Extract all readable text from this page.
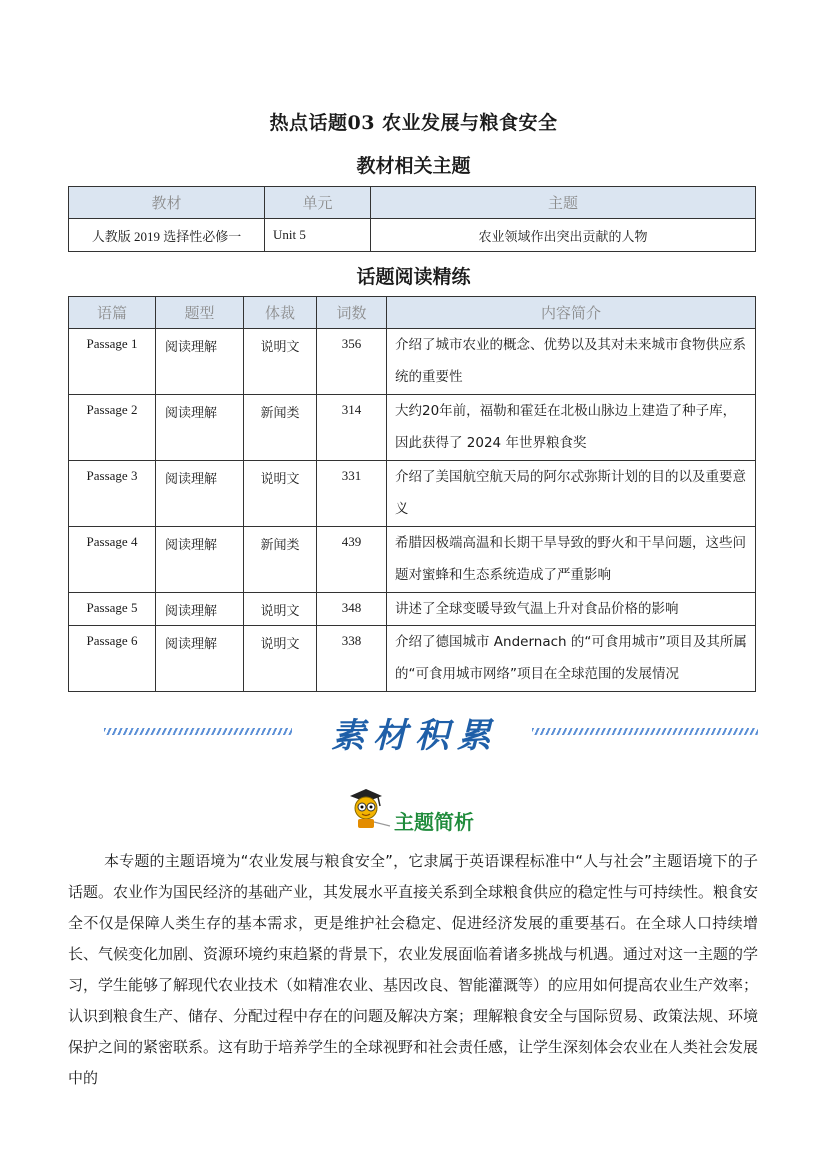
热点话题03 农业发展与粮食安全
教材相关主题
教材	单元	主题
人教版 2019 选择性必修一	Unit 5	农业领域作出突出贡献的人物
话题阅读精练
语篇	题型	体裁	词数	内容简介
Passage 1	阅读理解	说明文	356	介绍了城市农业的概念、优势以及其对未来城市食物供应系统的重要性
Passage 2	阅读理解	新闻类	314	大约20年前，福勒和霍廷在北极山脉边上建造了种子库，因此获得了 2024 年世界粮食奖
Passage 3	阅读理解	说明文	331	介绍了美国航空航天局的阿尔忒弥斯计划的目的以及重要意义
Passage 4	阅读理解	新闻类	439	希腊因极端高温和长期干旱导致的野火和干旱问题，这些问题对蜜蜂和生态系统造成了严重影响
Passage 5	阅读理解	说明文	348	讲述了全球变暖导致气温上升对食品价格的影响
Passage 6	阅读理解	说明文	338	介绍了德国城市 Andernach 的“可食用城市”项目及其所属的“可食用城市网络”项目在全球范围的发展情况
素材积累
主题简析

本专题的主题语境为“农业发展与粮食安全”，它隶属于英语课程标准中“人与社会”主题语境下的子话题。农业作为国民经济的基础产业，其发展水平直接关系到全球粮食供应的稳定性与可持续性。粮食安全不仅是保障人类生存的基本需求，更是维护社会稳定、促进经济发展的重要基石。在全球人口持续增长、气候变化加剧、资源环境约束趋紧的背景下，农业发展面临着诸多挑战与机遇。通过对这一主题的学习，学生能够了解现代农业技术（如精准农业、基因改良、智能灌溉等）的应用如何提高农业生产效率；认识到粮食生产、储存、分配过程中存在的问题及解决方案；理解粮食安全与国际贸易、政策法规、环境保护之间的紧密联系。这有助于培养学生的全球视野和社会责任感，让学生深刻体会农业在人类社会发展中的
